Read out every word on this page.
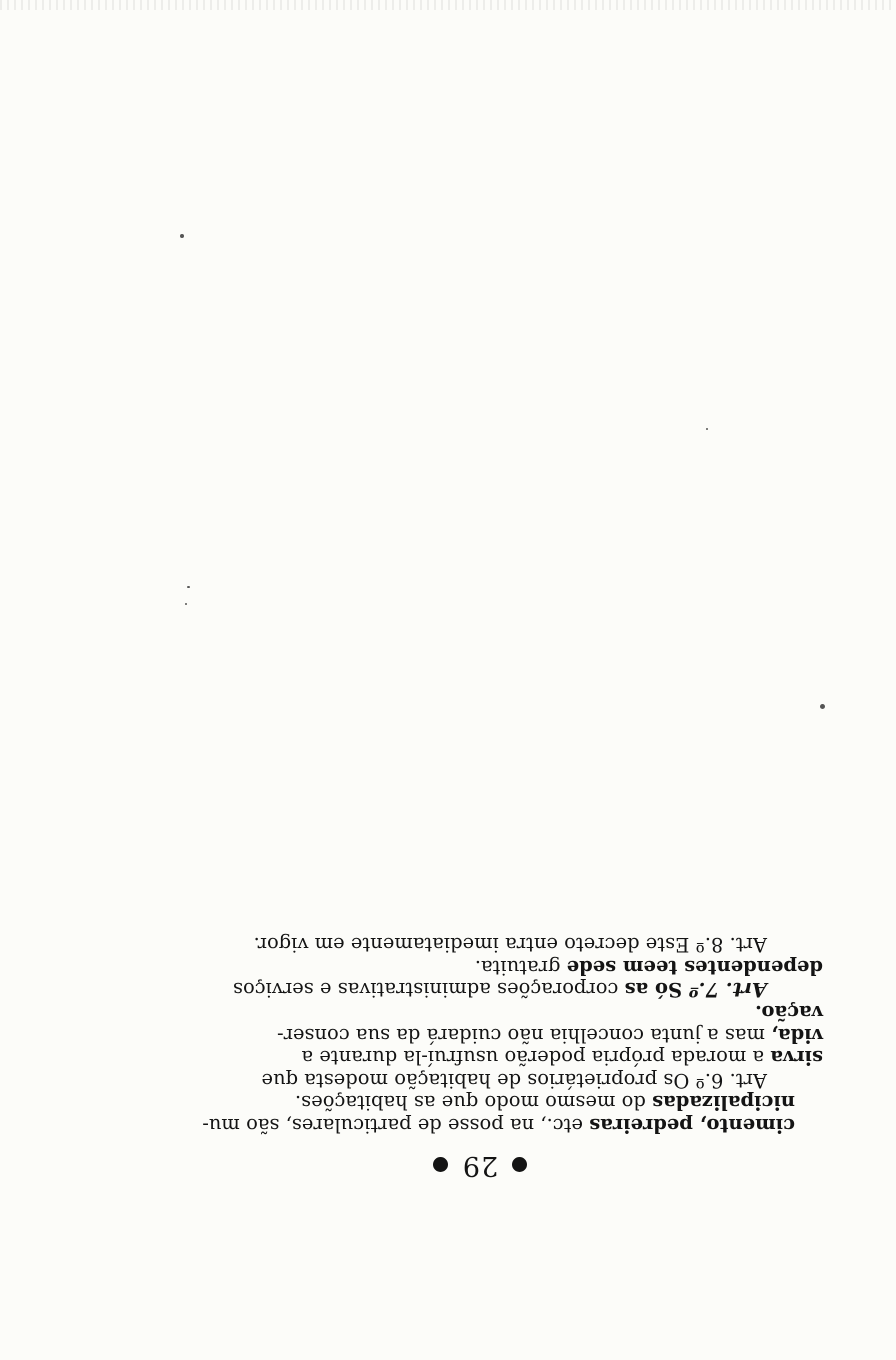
29

cimento, pedreiras etc., na posse de particulares, são mu-
nicipalizadas do mesmo modo que as habitações.

Art. 6.º Os proprietários de habitação modesta que
sirva a morada própria poderão usufruí-la durante a
vida, mas a junta concelhia não cuidará da sua conser-
vação.

Art. 7.º Só as corporações administrativas e serviços
dependentes teem sede gratuita.

Art. 8.º Este decreto entra imediatamente em vigor.
